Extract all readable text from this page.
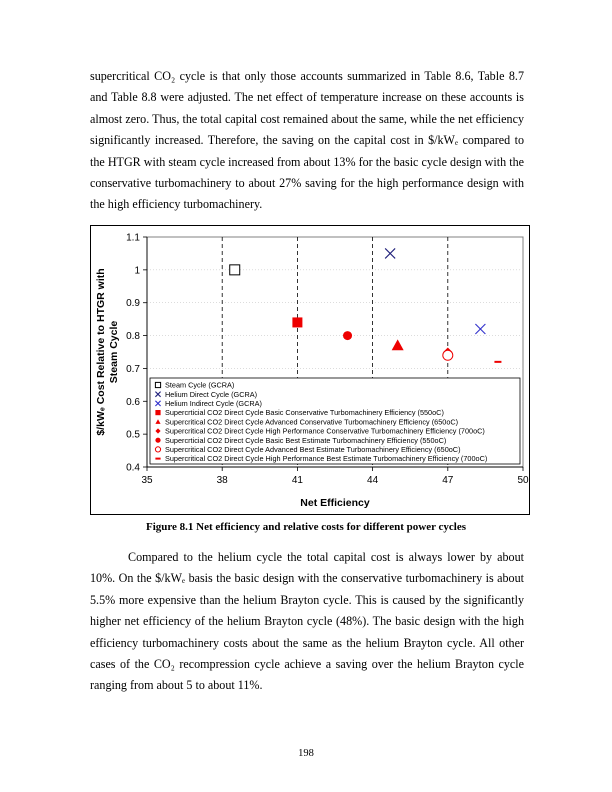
supercritical CO₂ cycle is that only those accounts summarized in Table 8.6, Table 8.7 and Table 8.8 were adjusted. The net effect of temperature increase on these accounts is almost zero. Thus, the total capital cost remained about the same, while the net efficiency significantly increased. Therefore, the saving on the capital cost in $/kWₑ compared to the HTGR with steam cycle increased from about 13% for the basic cycle design with the conservative turbomachinery to about 27% saving for the high performance design with the high efficiency turbomachinery.

0.4
0.5
0.6
0.7
0.8
0.9
1
1.1
35	38	41	44	47	50
$/kWₑ Cost Relative to HTGR with Steam Cycle
Net Efficiency
Steam Cycle (GCRA)
Helium Direct Cycle (GCRA)
Helium Indirect Cycle (GCRA)
Supercrticial CO2 Direct Cycle Basic Conservative Turbomachinery Efficiency (550oC)
Supercritical CO2 Direct Cycle Advanced Conservative Turbomachinery Efficiency (650oC)
Supercritical CO2 Direct Cycle High Performance Conservative Turbomachinery Efficiency (700oC)
Supercrticial CO2 Direct Cycle Basic Best Estimate Turbomachinery Efficiency (550oC)
Supercritical CO2 Direct Cycle Advanced Best Estimate Turbomachinery Efficiency (650oC)
Supercritical CO2 Direct Cycle High Performance Best Estimate Turbomachinery Efficiency (700oC)

Figure 8.1 Net efficiency and relative costs for different power cycles

Compared to the helium cycle the total capital cost is always lower by about 10%. On the $/kWₑ basis the basic design with the conservative turbomachinery is about 5.5% more expensive than the helium Brayton cycle. This is caused by the significantly higher net efficiency of the helium Brayton cycle (48%). The basic design with the high efficiency turbomachinery costs about the same as the helium Brayton cycle. All other cases of the CO₂ recompression cycle achieve a saving over the helium Brayton cycle ranging from about 5 to about 11%.

198
